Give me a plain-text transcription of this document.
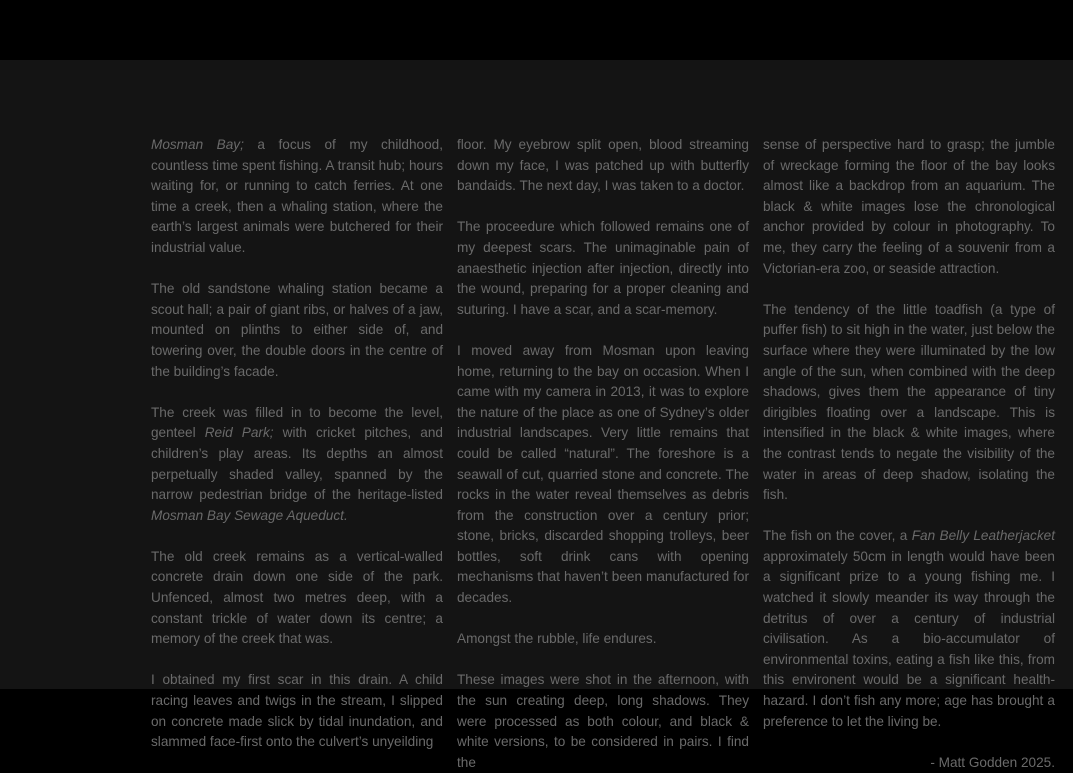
Mosman Bay; a focus of my childhood, countless time spent fishing. A transit hub; hours waiting for, or running to catch ferries. At one time a creek, then a whaling station, where the earth’s largest animals were butchered for their industrial value.

The old sandstone whaling station became a scout hall; a pair of giant ribs, or halves of a jaw, mounted on plinths to either side of, and towering over, the double doors in the centre of the building’s facade.

The creek was filled in to become the level, genteel Reid Park; with cricket pitches, and children’s play areas. Its depths an almost perpetually shaded valley, spanned by the narrow pedestrian bridge of the heritage-listed Mosman Bay Sewage Aqueduct.

The old creek remains as a vertical-walled concrete drain down one side of the park. Unfenced, almost two metres deep, with a constant trickle of water down its centre; a memory of the creek that was.

I obtained my first scar in this drain. A child racing leaves and twigs in the stream, I slipped on concrete made slick by tidal inundation, and slammed face-first onto the culvert’s unyeilding

floor. My eyebrow split open, blood streaming down my face, I was patched up with butterfly bandaids. The next day, I was taken to a doctor.

The proceedure which followed remains one of my deepest scars. The unimaginable pain of anaesthetic injection after injection, directly into the wound, preparing for a proper cleaning and suturing. I have a scar, and a scar-memory.

I moved away from Mosman upon leaving home, returning to the bay on occasion. When I came with my camera in 2013, it was to explore the nature of the place as one of Sydney’s older industrial landscapes. Very little remains that could be called “natural”. The foreshore is a seawall of cut, quarried stone and concrete. The rocks in the water reveal themselves as debris from the construction over a century prior; stone, bricks, discarded shopping trolleys, beer bottles, soft drink cans with opening mechanisms that haven’t been manufactured for decades.

Amongst the rubble, life endures.

These images were shot in the afternoon, with the sun creating deep, long shadows. They were processed as both colour, and black & white versions, to be considered in pairs. I find the

sense of perspective hard to grasp; the jumble of wreckage forming the floor of the bay looks almost like a backdrop from an aquarium. The black & white images lose the chronological anchor provided by colour in photography. To me, they carry the feeling of a souvenir from a Victorian-era zoo, or seaside attraction.

The tendency of the little toadfish (a type of puffer fish) to sit high in the water, just below the surface where they were illuminated by the low angle of the sun, when combined with the deep shadows, gives them the appearance of tiny dirigibles floating over a landscape. This is intensified in the black & white images, where the contrast tends to negate the visibility of the water in areas of deep shadow, isolating the fish.

The fish on the cover, a Fan Belly Leatherjacket approximately 50cm in length would have been a significant prize to a young fishing me. I watched it slowly meander its way through the detritus of over a century of industrial civilisation. As a bio-accumulator of environmental toxins, eating a fish like this, from this environent would be a significant health-hazard. I don’t fish any more; age has brought a preference to let the living be.

- Matt Godden 2025.
